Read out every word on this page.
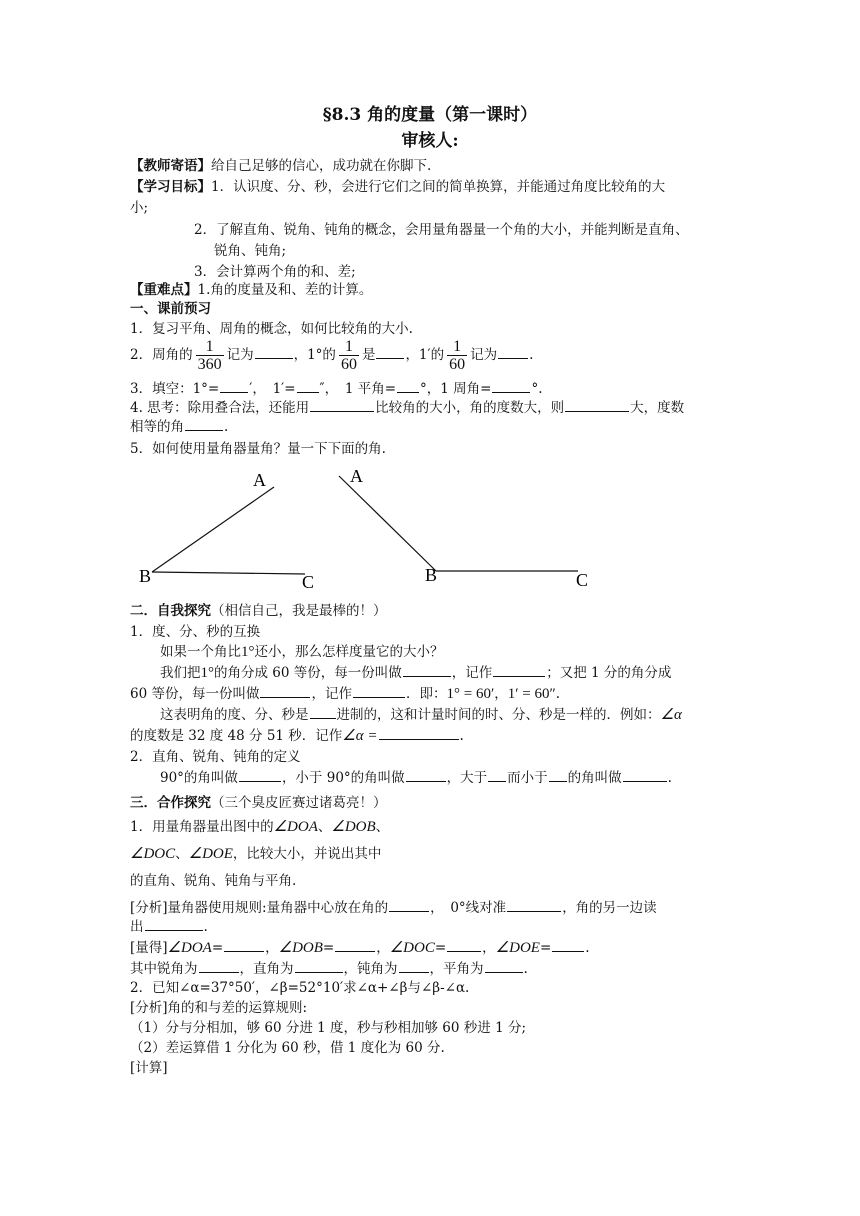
§8.3 角的度量（第一课时）
审核人:
【教师寄语】给自己足够的信心，成功就在你脚下.
【学习目标】1．认识度、分、秒，会进行它们之间的简单换算，并能通过角度比较角的大
小;
2．了解直角、锐角、钝角的概念，会用量角器量一个角的大小，并能判断是直角、
锐角、钝角;
3．会计算两个角的和、差;
【重难点】1.角的度量及和、差的计算。
一、课前预习
1．复习平角、周角的概念，如何比较角的大小.
2．周角的 $\frac{1}{360}$ 记为	，1°的 $\frac{1}{60}$ 是 ，1′的 $\frac{1}{60}$ 记为 .
3．填空：1°= ′，　1′= ″，　1 平角= °，1 周角=	°.
4. 思考：除用叠合法，还能用	比较角的大小，角的度数大，则	大，度数
相等的角	.
5．如何使用量角器量角？量一下下面的角.
A
B	C
A
B	C
二．自我探究（相信自己，我是最棒的！）
1．度、分、秒的互换
如果一个角比1°还小，那么怎样度量它的大小？
我们把1°的角分成 60 等份，每一份叫做	，记作	；又把 1 分的角分成
60 等份，每一份叫做	，记作	．即：1° = 60′，1′ = 60″.
这表明角的度、分、秒是 进制的，这和计量时间的时、分、秒是一样的．例如：∠α
的度数是 32 度 48 分 51 秒．记作∠α =	.
2．直角、锐角、钝角的定义
90°的角叫做	，小于 90°的角叫做	，大于 而小于 的角叫做	.
三．合作探究（三个臭皮匠赛过诸葛亮！）
1．用量角器量出图中的∠DOA、∠DOB、
∠DOC、∠DOE，比较大小，并说出其中
的直角、锐角、钝角与平角.
[分析]量角器使用规则:量角器中心放在角的	，　0°线对准	，角的另一边读
出	.
[量得]∠DOA=	，∠DOB=	，∠DOC=	，∠DOE=	.
其中锐角为	，直角为	，钝角为 ，平角为	.
2．已知∠α=37°50′，∠β=52°10′求∠α+∠β与∠β-∠α.
[分析]角的和与差的运算规则:
（1）分与分相加，够 60 分进 1 度，秒与秒相加够 60 秒进 1 分;
（2）差运算借 1 分化为 60 秒，借 1 度化为 60 分.
[计算]
